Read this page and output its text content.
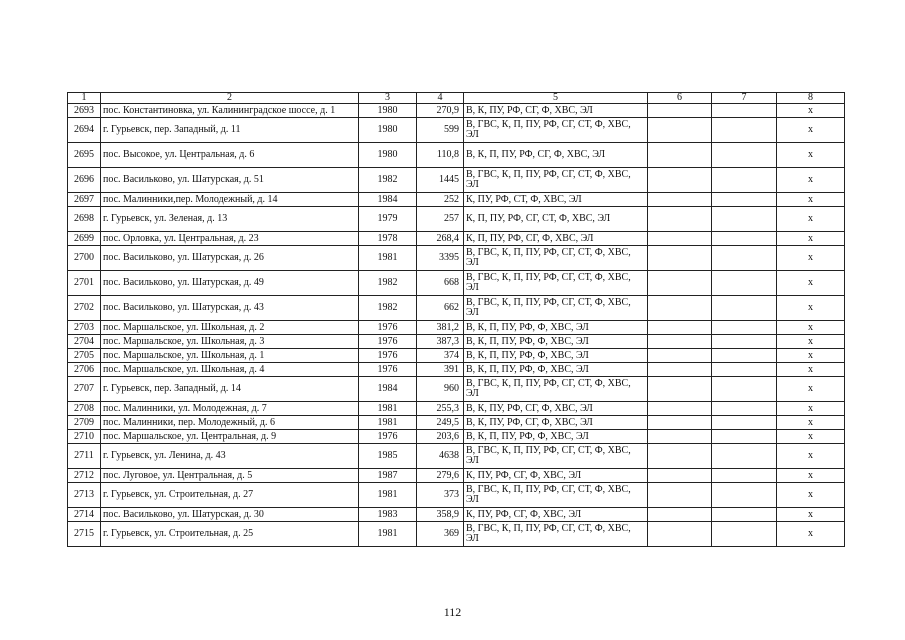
1	2	3	4	5	6	7	8
2693	пос. Константиновка, ул. Калининградское шоссе, д. 1	1980	270,9	В, К, ПУ, РФ, СГ, Ф, ХВС, ЭЛ			x
2694	г. Гурьевск, пер. Западный, д. 11	1980	599	В, ГВС, К, П, ПУ, РФ, СГ, СТ, Ф, ХВС, ЭЛ			x
2695	пос. Высокое, ул. Центральная, д. 6	1980	110,8	В, К, П, ПУ, РФ, СГ, Ф, ХВС, ЭЛ			x
2696	пос. Васильково, ул. Шатурская, д. 51	1982	1445	В, ГВС, К, П, ПУ, РФ, СГ, СТ, Ф, ХВС, ЭЛ			x
2697	пос. Малинники,пер. Молодежный, д. 14	1984	252	К, ПУ, РФ, СТ, Ф, ХВС, ЭЛ			x
2698	г. Гурьевск, ул. Зеленая, д. 13	1979	257	К, П, ПУ, РФ, СГ, СТ, Ф, ХВС, ЭЛ			x
2699	пос. Орловка, ул. Центральная, д. 23	1978	268,4	К, П, ПУ, РФ, СГ, Ф, ХВС, ЭЛ			x
2700	пос. Васильково, ул. Шатурская, д. 26	1981	3395	В, ГВС, К, П, ПУ, РФ, СГ, СТ, Ф, ХВС, ЭЛ			x
2701	пос. Васильково, ул. Шатурская, д. 49	1982	668	В, ГВС, К, П, ПУ, РФ, СГ, СТ, Ф, ХВС, ЭЛ			x
2702	пос. Васильково, ул. Шатурская, д. 43	1982	662	В, ГВС, К, П, ПУ, РФ, СГ, СТ, Ф, ХВС, ЭЛ			x
2703	пос. Маршальское, ул. Школьная, д. 2	1976	381,2	В, К, П, ПУ, РФ, Ф, ХВС, ЭЛ			x
2704	пос. Маршальское, ул. Школьная, д. 3	1976	387,3	В, К, П, ПУ, РФ, Ф, ХВС, ЭЛ			x
2705	пос. Маршальское, ул. Школьная, д. 1	1976	374	В, К, П, ПУ, РФ, Ф, ХВС, ЭЛ			x
2706	пос. Маршальское, ул. Школьная, д. 4	1976	391	В, К, П, ПУ, РФ, Ф, ХВС, ЭЛ			x
2707	г. Гурьевск, пер. Западный, д. 14	1984	960	В, ГВС, К, П, ПУ, РФ, СГ, СТ, Ф, ХВС, ЭЛ			x
2708	пос. Малинники, ул. Молодежная, д. 7	1981	255,3	В, К, ПУ, РФ, СГ, Ф, ХВС, ЭЛ			x
2709	пос. Малинники, пер. Молодежный, д. 6	1981	249,5	В, К, ПУ, РФ, СГ, Ф, ХВС, ЭЛ			x
2710	пос. Маршальское, ул. Центральная, д. 9	1976	203,6	В, К, П, ПУ, РФ, Ф, ХВС, ЭЛ			x
2711	г. Гурьевск, ул. Ленина, д. 43	1985	4638	В, ГВС, К, П, ПУ, РФ, СГ, СТ, Ф, ХВС, ЭЛ			x
2712	пос. Луговое, ул. Центральная, д. 5	1987	279,6	К, ПУ, РФ, СГ, Ф, ХВС, ЭЛ			x
2713	г. Гурьевск, ул. Строительная, д. 27	1981	373	В, ГВС, К, П, ПУ, РФ, СГ, СТ, Ф, ХВС, ЭЛ			x
2714	пос. Васильково, ул. Шатурская, д. 30	1983	358,9	К, ПУ, РФ, СГ, Ф, ХВС, ЭЛ			x
2715	г. Гурьевск, ул. Строительная, д. 25	1981	369	В, ГВС, К, П, ПУ, РФ, СГ, СТ, Ф, ХВС, ЭЛ			x
112
